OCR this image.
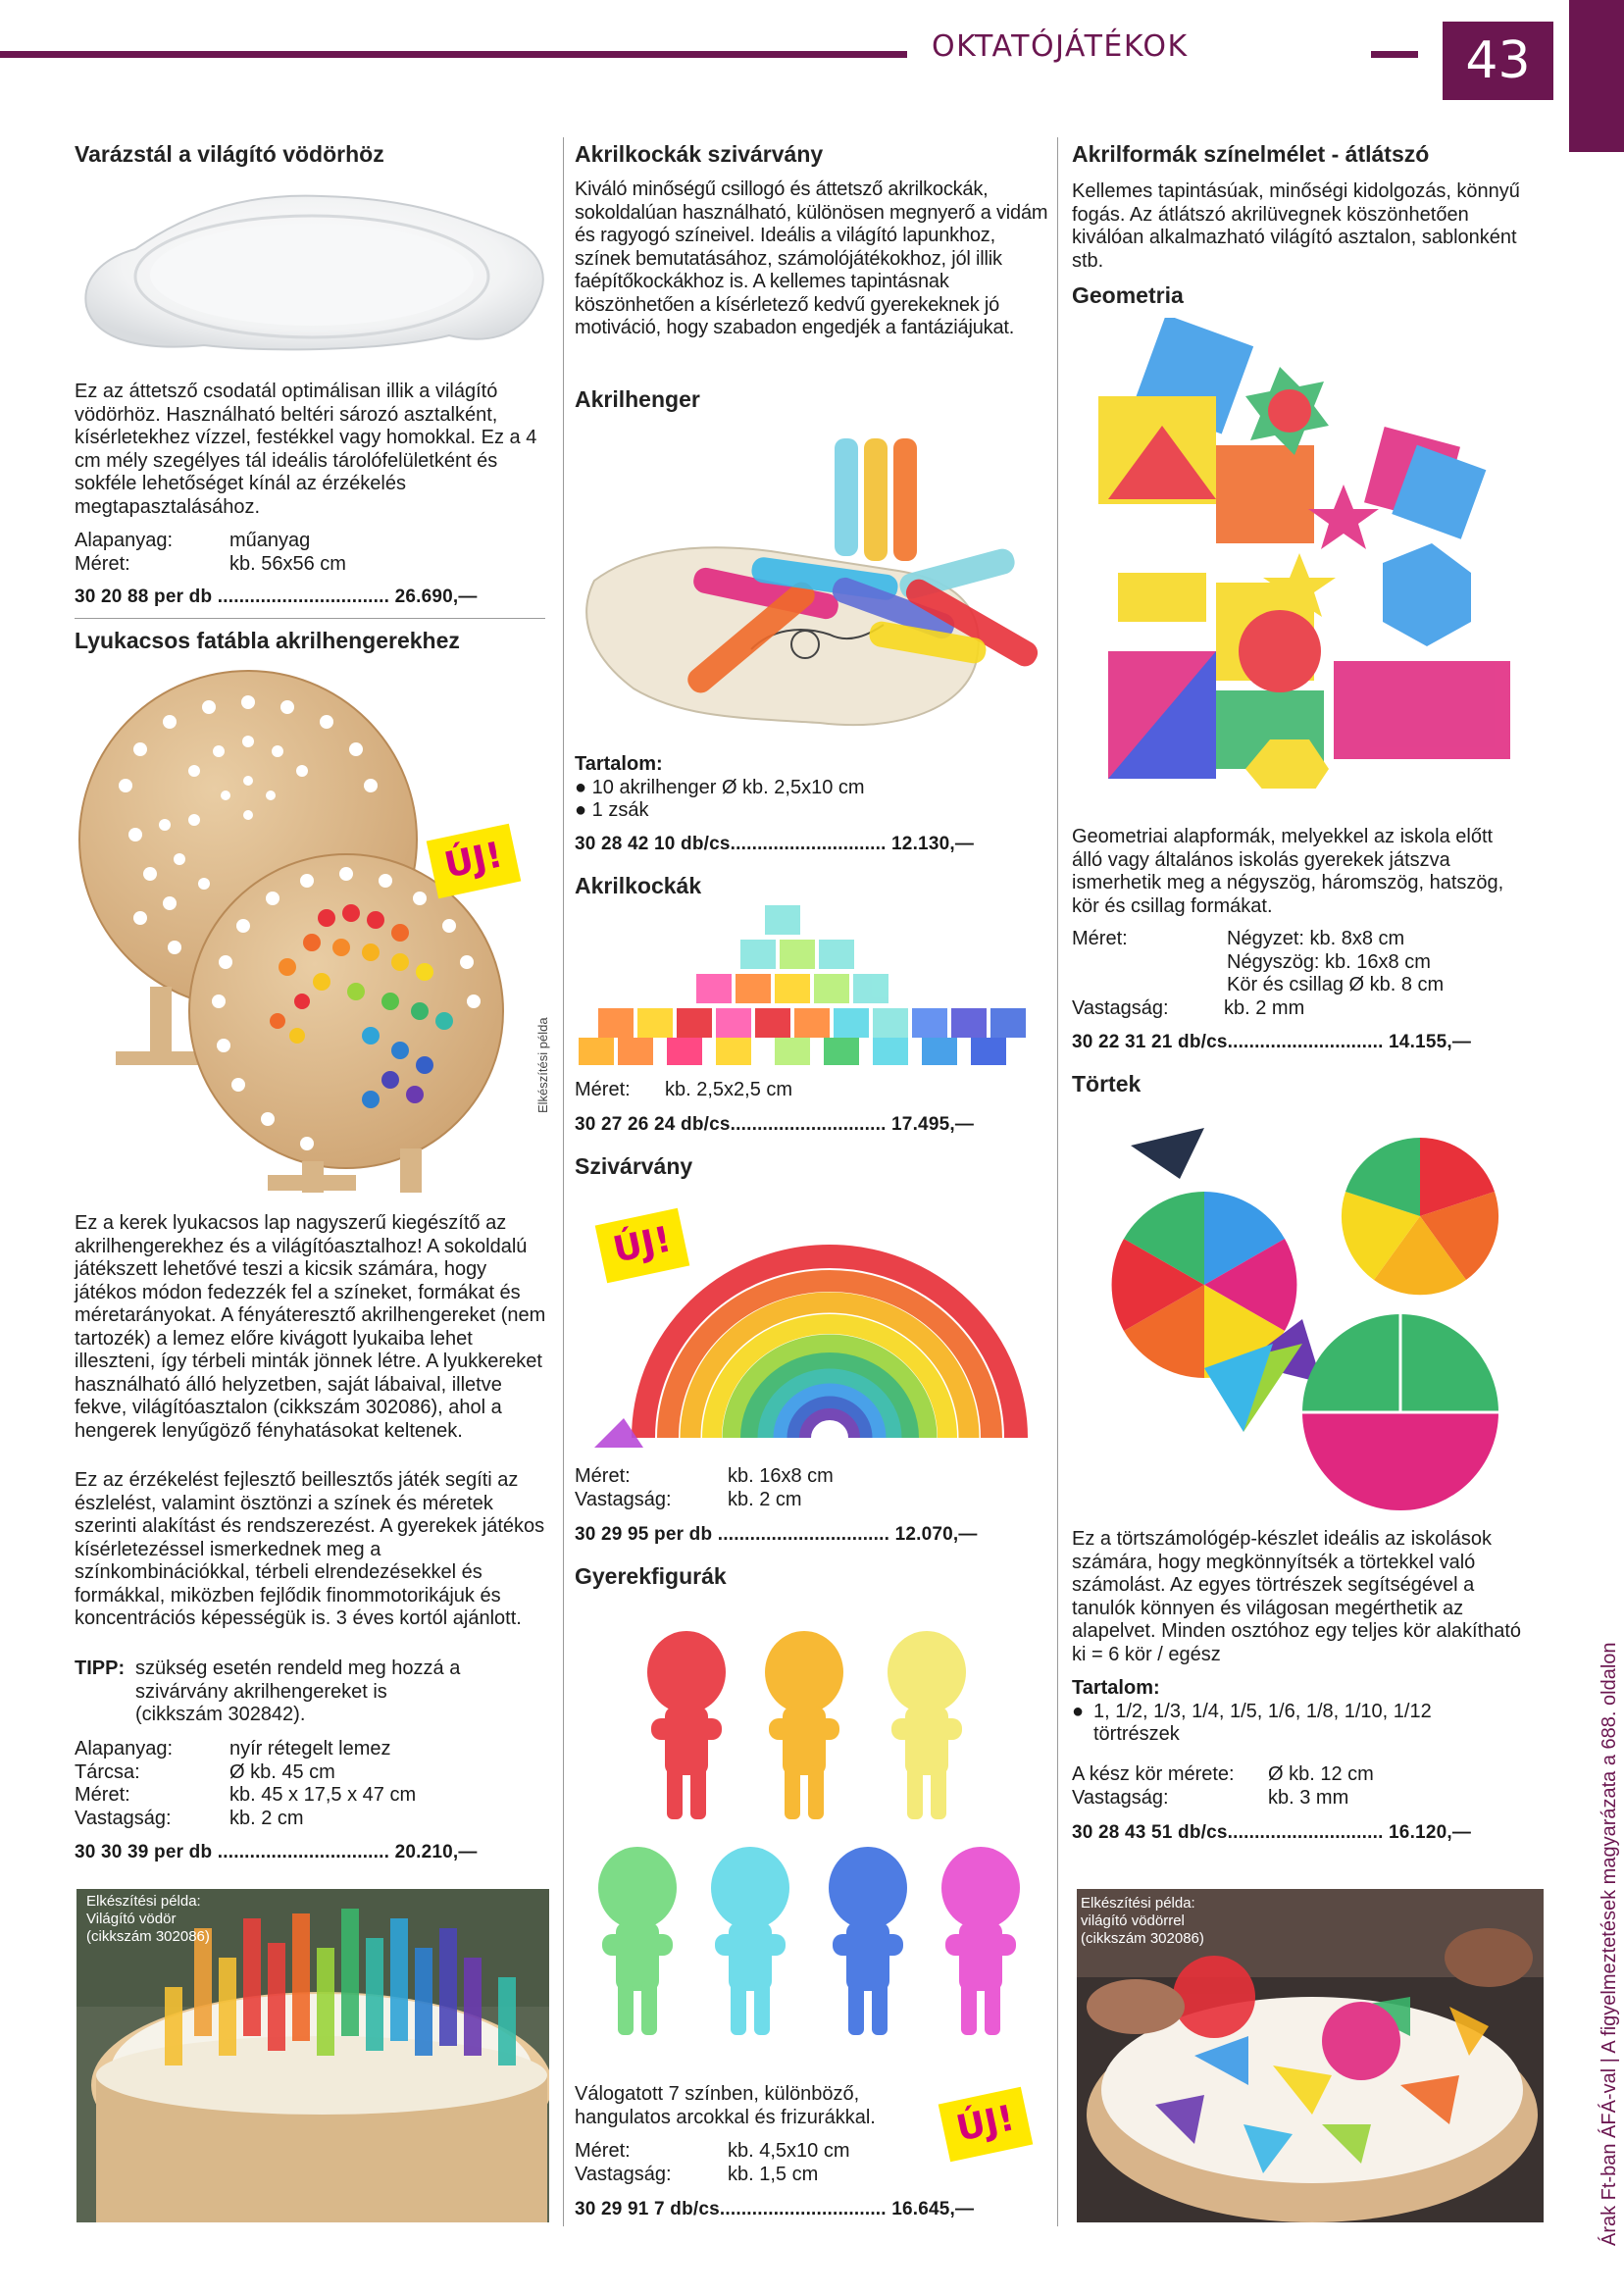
OKTATÓJÁTÉKOK	43
Árak Ft-ban ÁFÁ-val | A figyelmeztetések magyarázata a 688. oldalon
Varázstál a világító vödörhöz
Ez az áttetsző csodatál optimálisan illik a világító vödörhöz. Használható beltéri sározó asztalként, kísérletekhez vízzel, festékkel vagy homokkal. Ez a 4 cm mély szegélyes tál ideális tárolófelületként és sokféle lehetőséget kínál az érzékelés megtapasztalásához.
Alapanyag:	műanyag
Méret:	kb. 56x56 cm
30 20 88 per db ................................ 26.690,—
Lyukacsos fatábla akrilhengerekhez
ÚJ!
Elkészítési példa
Ez a kerek lyukacsos lap nagyszerű kiegészítő az akrilhengerekhez és a világítóasztalhoz! A sokoldalú játékszett lehetővé teszi a kicsik számára, hogy játékos módon fedezzék fel a színeket, formákat és méretarányokat. A fényáteresztő akrilhengereket (nem tartozék) a lemez előre kivágott lyukaiba lehet illeszteni, így térbeli minták jönnek létre. A lyukkereket használható álló helyzetben, saját lábaival, illetve fekve, világítóasztalon (cikkszám 302086), ahol a hengerek lenyűgöző fényhatásokat keltenek.
Ez az érzékelést fejlesztő beillesztős játék segíti az észlelést, valamint ösztönzi a színek és méretek szerinti alakítást és rendszerezést. A gyerekek játékos kísérletezéssel ismerkednek meg a színkombinációkkal, térbeli elrendezésekkel és formákkal, miközben fejlődik finommotorikájuk és koncentrációs képességük is. 3 éves kortól ajánlott.
TIPP: szükség esetén rendeld meg hozzá a szivárvány akrilhengereket is (cikkszám 302842).
Alapanyag:	nyír rétegelt lemez
Tárcsa:	Ø kb. 45 cm
Méret:	kb. 45 x 17,5 x 47 cm
Vastagság:	kb. 2 cm
30 30 39 per db ................................ 20.210,—
Elkészítési példa: Világító vödör (cikkszám 302086)
Akrilkockák szivárvány
Kiváló minőségű csillogó és áttetsző akrilkockák, sokoldalúan használható, különösen megnyerő a vidám és ragyogó színeivel. Ideális a világító lapunkhoz, színek bemutatásához, számolójátékokhoz, jól illik faépítőkockákhoz is. A kellemes tapintásnak köszönhetően a kísérletező kedvű gyerekeknek jó motiváció, hogy szabadon engedjék a fantáziájukat.
Akrilhenger
Tartalom:
● 10 akrilhenger Ø kb. 2,5x10 cm
● 1 zsák
30 28 42 10 db/cs............................. 12.130,—
Akrilkockák
Méret: kb. 2,5x2,5 cm
30 27 26 24 db/cs............................. 17.495,—
Szivárvány
ÚJ!
Méret:	kb. 16x8 cm
Vastagság:	kb. 2 cm
30 29 95 per db ................................ 12.070,—
Gyerekfigurák
ÚJ!
Válogatott 7 színben, különböző, hangulatos arcokkal és frizurákkal.
Méret:	kb. 4,5x10 cm
Vastagság:	kb. 1,5 cm
30 29 91 7 db/cs............................... 16.645,—
Akrilformák színelmélet - átlátszó
Kellemes tapintásúak, minőségi kidolgozás, könnyű fogás. Az átlátszó akrilüvegnek köszönhetően kiválóan alkalmazható világító asztalon, sablonként stb.
Geometria
Geometriai alapformák, melyekkel az iskola előtt álló vagy általános iskolás gyerekek játszva ismerhetik meg a négyszög, háromszög, hatszög, kör és csillag formákat.
Méret:	Négyzet: kb. 8x8 cm
Négyszög: kb. 16x8 cm
Kör és csillag Ø kb. 8 cm
Vastagság:	kb. 2 mm
30 22 31 21 db/cs............................. 14.155,—
Törtek
Ez a törtszámológép-készlet ideális az iskolások számára, hogy megkönnyítsék a törtekkel való számolást. Az egyes törtrészek segítségével a tanulók könnyen és világosan megérthetik az alapelvet. Minden osztóhoz egy teljes kör alakítható ki = 6 kör / egész
Tartalom:
● 1, 1/2, 1/3, 1/4, 1/5, 1/6, 1/8, 1/10, 1/12 törtrészek
A kész kör mérete: Ø kb. 12 cm
Vastagság:	kb. 3 mm
30 28 43 51 db/cs............................. 16.120,—
Elkészítési példa: világító vödörrel (cikkszám 302086)
